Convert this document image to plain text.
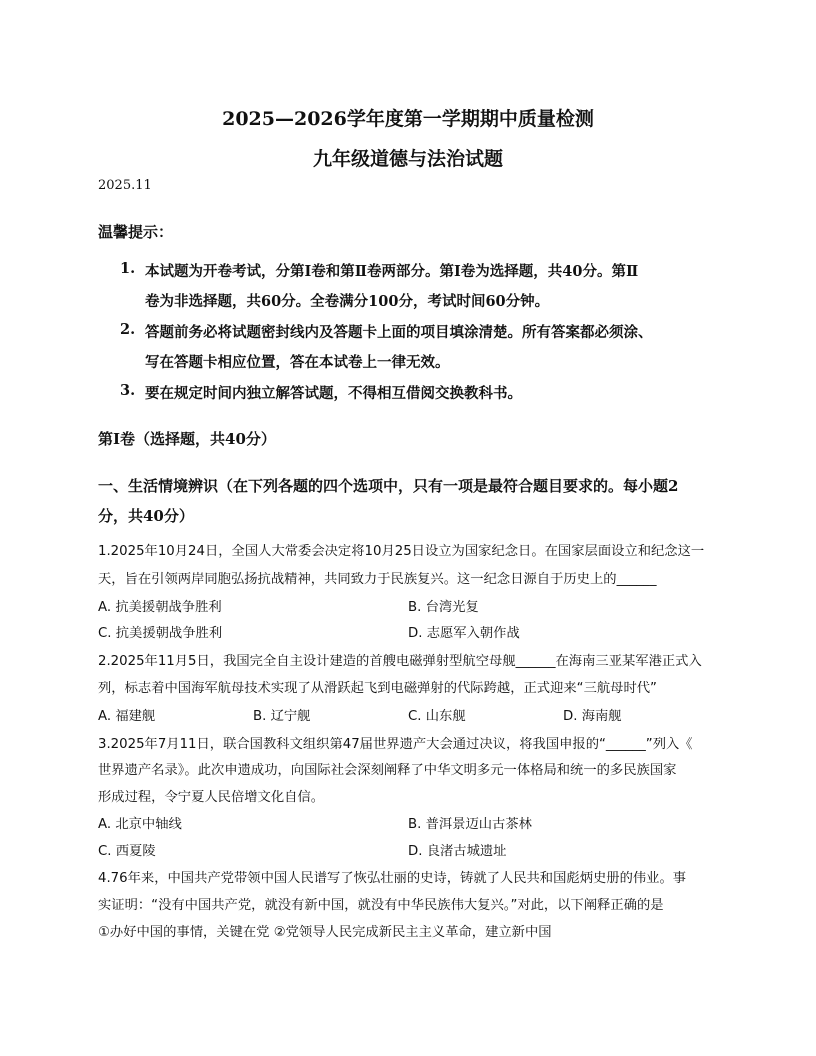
2025—2026学年度第一学期期中质量检测
九年级道德与法治试题
2025.11
温馨提示：
1. 本试题为开卷考试，分第Ⅰ卷和第Ⅱ卷两部分。第Ⅰ卷为选择题，共40分。第Ⅱ
卷为非选择题，共60分。全卷满分100分，考试时间60分钟。
2. 答题前务必将试题密封线内及答题卡上面的项目填涂清楚。所有答案都必须涂、
写在答题卡相应位置，答在本试卷上一律无效。
3. 要在规定时间内独立解答试题，不得相互借阅交换教科书。
第Ⅰ卷（选择题，共40分）
一、生活情境辨识（在下列各题的四个选项中，只有一项是最符合题目要求的。每小题2
分，共40分）
1.2025年10月24日，全国人大常委会决定将10月25日设立为国家纪念日。在国家层面设立和纪念这一
天，旨在引领两岸同胞弘扬抗战精神，共同致力于民族复兴。这一纪念日源自于历史上的______
A. 抗美援朝战争胜利	B. 台湾光复
C. 抗美援朝战争胜利	D. 志愿军入朝作战
2.2025年11月5日，我国完全自主设计建造的首艘电磁弹射型航空母舰______在海南三亚某军港正式入
列，标志着中国海军航母技术实现了从滑跃起飞到电磁弹射的代际跨越，正式迎来“三航母时代”
A. 福建舰	B. 辽宁舰	C. 山东舰	D. 海南舰
3.2025年7月11日，联合国教科文组织第47届世界遗产大会通过决议，将我国申报的“______”列入《
世界遗产名录》。此次申遗成功，向国际社会深刻阐释了中华文明多元一体格局和统一的多民族国家
形成过程，令宁夏人民倍增文化自信。
A. 北京中轴线	B. 普洱景迈山古茶林
C. 西夏陵	D. 良渚古城遗址
4.76年来，中国共产党带领中国人民谱写了恢弘壮丽的史诗，铸就了人民共和国彪炳史册的伟业。事
实证明：“没有中国共产党，就没有新中国，就没有中华民族伟大复兴。”对此，以下阐释正确的是
①办好中国的事情，关键在党 ②党领导人民完成新民主主义革命，建立新中国
